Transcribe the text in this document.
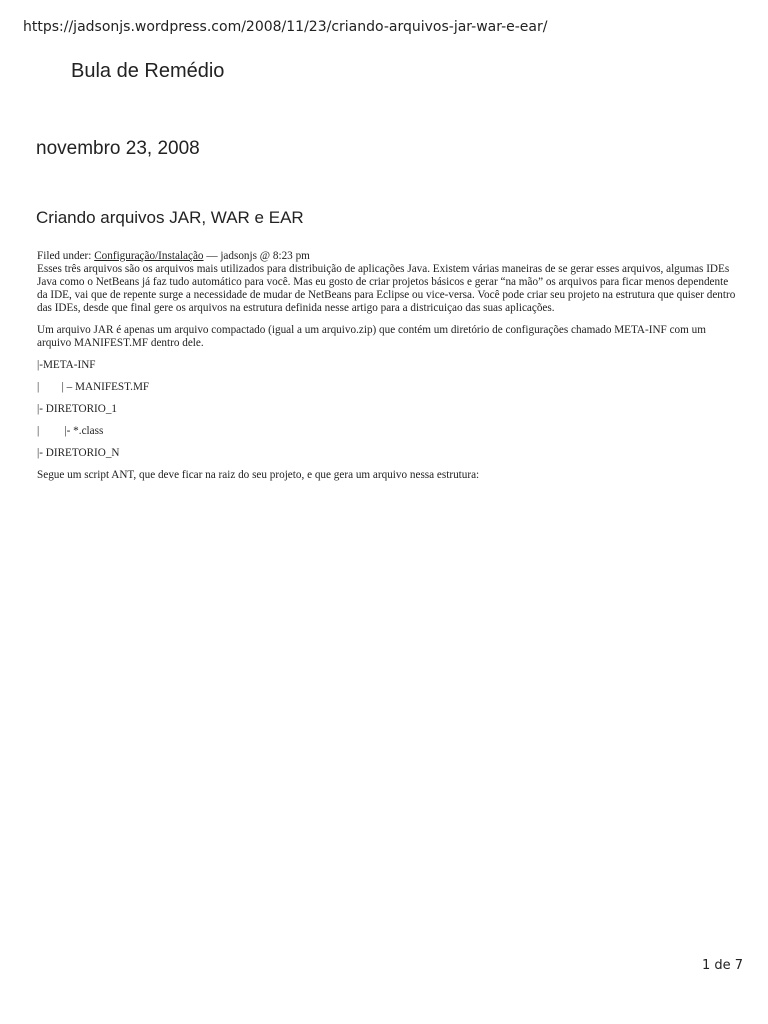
https://jadsonjs.wordpress.com/2008/11/23/criando-arquivos-jar-war-e-ear/
Bula de Remédio
novembro 23, 2008
Criando arquivos JAR, WAR e EAR
Filed under: Configuração/Instalação — jadsonjs @ 8:23 pm

Esses três arquivos são os arquivos mais utilizados para distribuição de aplicações Java. Existem várias maneiras de se gerar esses arquivos, algumas IDEs Java como o NetBeans já faz tudo automático para você. Mas eu gosto de criar projetos básicos e gerar “na mão” os arquivos para ficar menos dependente da IDE, vai que de repente surge a necessidade de mudar de NetBeans para Eclipse ou vice-versa. Você pode criar seu projeto na estrutura que quiser dentro das IDEs, desde que final gere os arquivos na estrutura definida nesse artigo para a districuiçao das suas aplicações.

Um arquivo JAR é apenas um arquivo compactado (igual a um arquivo.zip) que contém um diretório de configurações chamado META-INF com um arquivo MANIFEST.MF dentro dele.

|-META-INF
|        | – MANIFEST.MF
|- DIRETORIO_1
|         |- *.class
|- DIRETORIO_N

Segue um script ANT, que deve ficar na raiz do seu projeto, e que gera um arquivo nessa estrutura:

1 de 7
